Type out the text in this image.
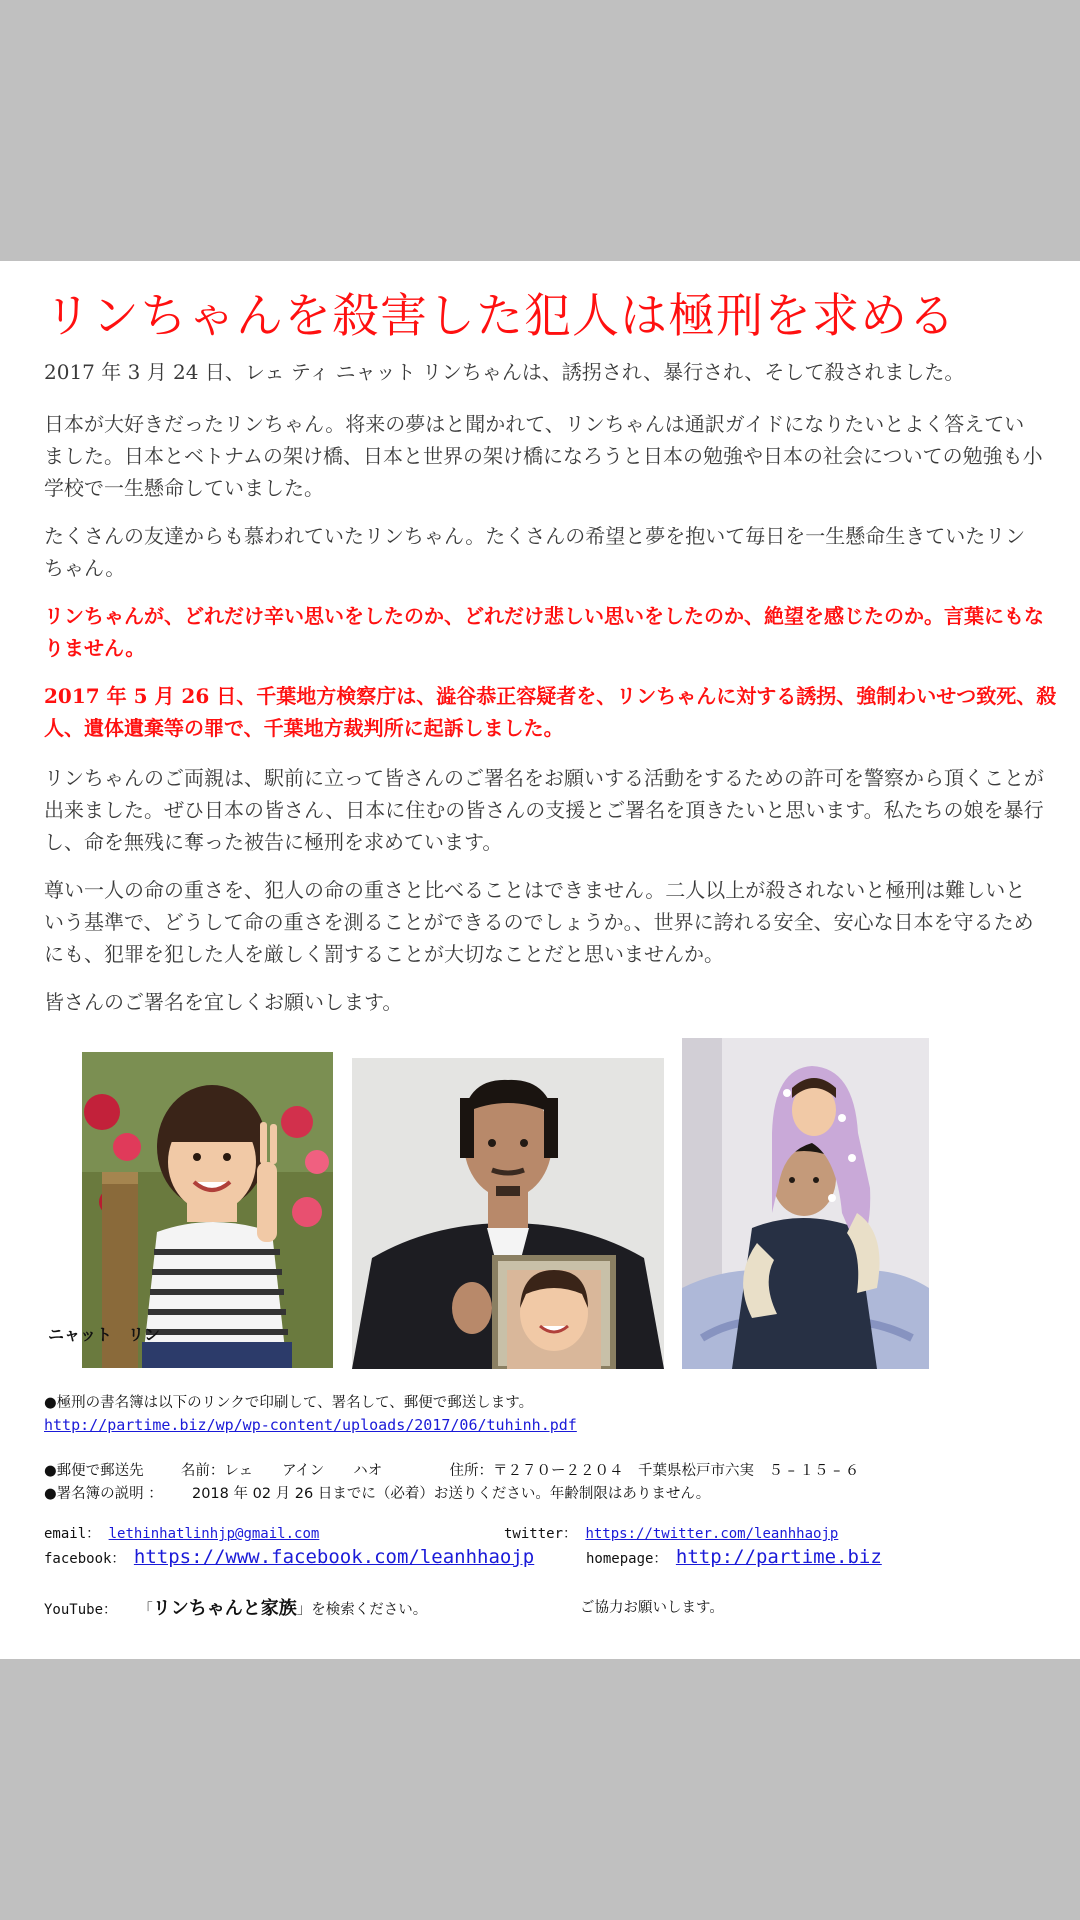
リンちゃんを殺害した犯人は極刑を求める

2017 年 3 月 24 日、レェ ティ ニャット リンちゃんは、誘拐され、暴行され、そして殺されました。

日本が大好きだったリンちゃん。将来の夢はと聞かれて、リンちゃんは通訳ガイドになりたいとよく答えていました。日本とベトナムの架け橋、日本と世界の架け橋になろうと日本の勉強や日本の社会についての勉強も小学校で一生懸命していました。

たくさんの友達からも慕われていたリンちゃん。たくさんの希望と夢を抱いて毎日を一生懸命生きていたリンちゃん。

リンちゃんが、どれだけ辛い思いをしたのか、どれだけ悲しい思いをしたのか、絶望を感じたのか。言葉にもなりません。

2017 年 5 月 26 日、千葉地方検察庁は、澁谷恭正容疑者を、リンちゃんに対する誘拐、強制わいせつ致死、殺人、遺体遺棄等の罪で、千葉地方裁判所に起訴しました。

リンちゃんのご両親は、駅前に立って皆さんのご署名をお願いする活動をするための許可を警察から頂くことが出来ました。ぜひ日本の皆さん、日本に住むの皆さんの支援とご署名を頂きたいと思います。私たちの娘を暴行し、命を無残に奪った被告に極刑を求めています。

尊い一人の命の重さを、犯人の命の重さと比べることはできません。二人以上が殺されないと極刑は難しいという基準で、どうして命の重さを測ることができるのでしょうか。、世界に誇れる安全、安心な日本を守るためにも、犯罪を犯した人を厳しく罰することが大切なことだと思いませんか。

皆さんのご署名を宜しくお願いします。

ニャット　リン
●極刑の書名簿は以下のリンクで印刷して、署名して、郵便で郵送します。
http://partime.biz/wp/wp-content/uploads/2017/06/tuhinh.pdf
●郵便で郵送先	名前：レェ　　アイン　　ハオ	住所：〒２７０ー２２０４　千葉県松戸市六実　５ – １５ – ６
●署名簿の説明 ： 2018 年 02 月 26 日までに（必着）お送りください。年齢制限はありません。
email： lethinhatlinhjp@gmail.com	twitter： https://twitter.com/leanhhaojp
facebook： https://www.facebook.com/leanhhaojp	homepage： http://partime.biz
YouTube： 「リンちゃんと家族」を検索ください。	ご協力お願いします。
